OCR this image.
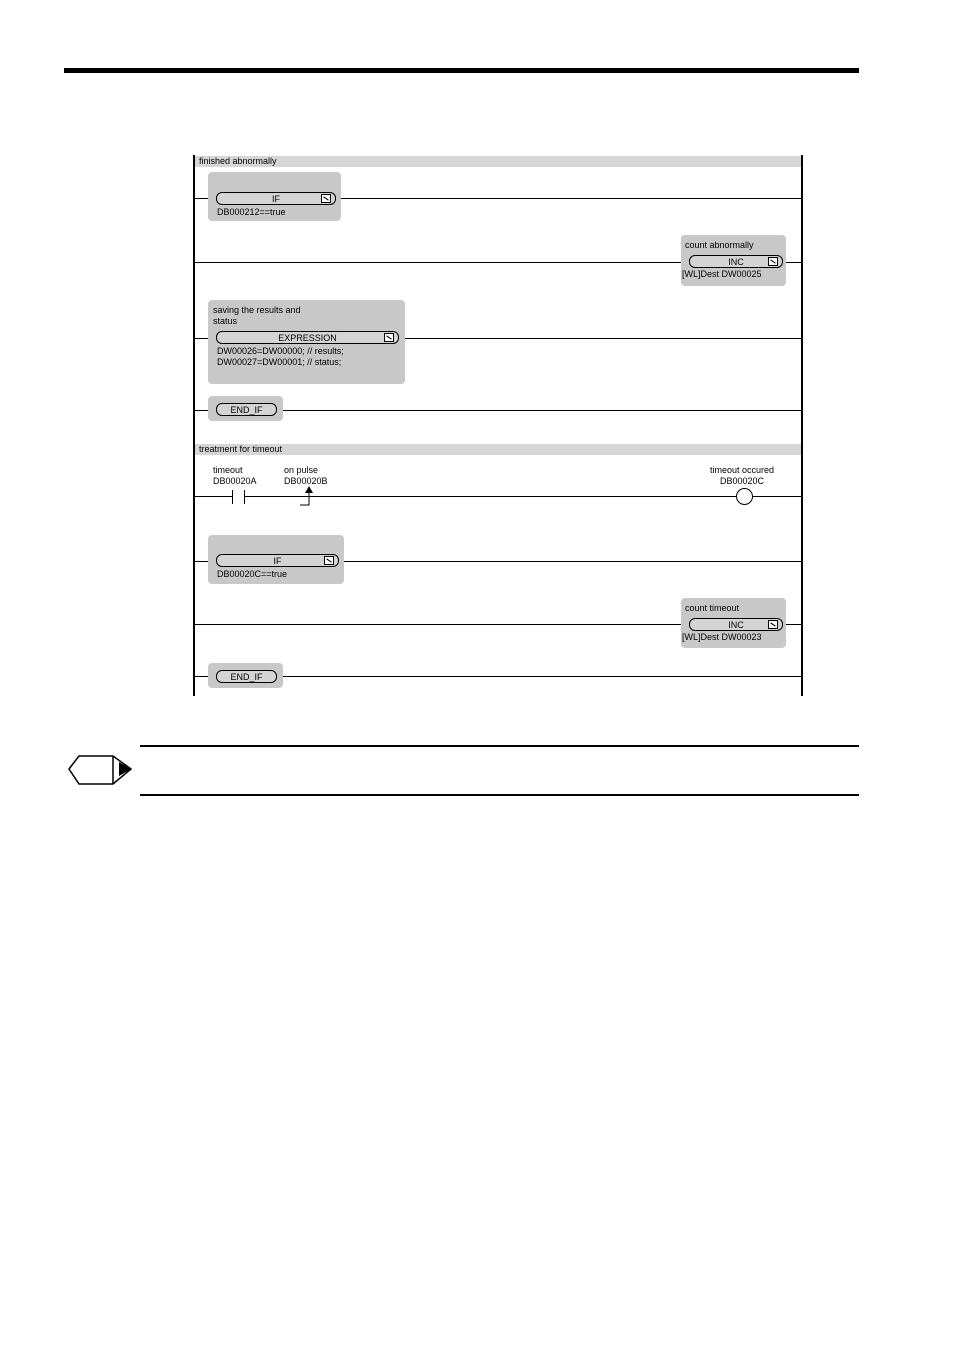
finished abnormally
IF
DB000212==true
count abnormally
INC
[WL]Dest DW00025
saving the results and
status
EXPRESSION
DW00026=DW00000; // results;
DW00027=DW00001; // status;
END_IF
treatment for timeout
timeout
DB00020A
on pulse
DB00020B
timeout occured
DB00020C
IF
DB00020C==true
count timeout
INC
[WL]Dest DW00023
END_IF
